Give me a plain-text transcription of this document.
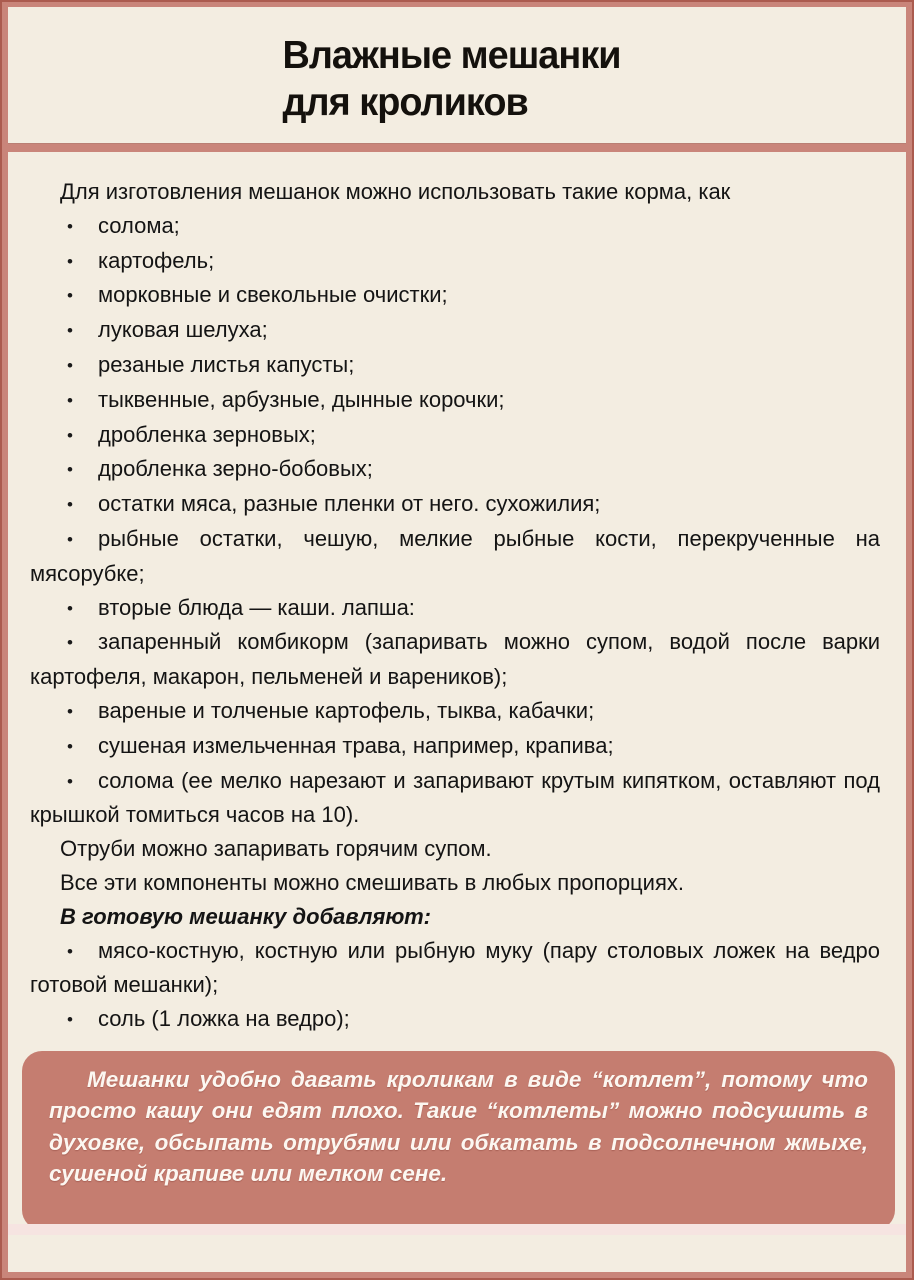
Влажные мешанки
для кроликов

Для изготовления мешанок можно использовать такие корма, как

• солома;
• картофель;
• морковные и свекольные очистки;
• луковая шелуха;
• резаные листья капусты;
• тыквенные, арбузные, дынные корочки;
• дробленка зерновых;
• дробленка зерно-бобовых;
• остатки мяса, разные пленки от него. сухожилия;
• рыбные остатки, чешую, мелкие рыбные кости, перекрученные на мясорубке;
• вторые блюда — каши. лапша:
• запаренный комбикорм (запаривать можно супом, водой после варки картофеля, макарон, пельменей и вареников);
• вареные и толченые картофель, тыква, кабачки;
• сушеная измельченная трава, например, крапива;
• солома (ее мелко нарезают и запаривают крутым кипятком, оставляют под крышкой томиться часов на 10).

Отруби можно запаривать горячим супом.

Все эти компоненты можно смешивать в любых пропорциях.

В готовую мешанку добавляют:

• мясо-костную, костную или рыбную муку (пару столовых ложек на ведро готовой мешанки);
• соль (1 ложка на ведро);
Мешанки удобно давать кроликам в виде “котлет”, потому что просто кашу они едят плохо. Такие “котлеты” можно подсушить в духовке, обсыпать отрубями или обкатать в подсолнечном жмыхе, сушеной крапиве или мелком сене.
